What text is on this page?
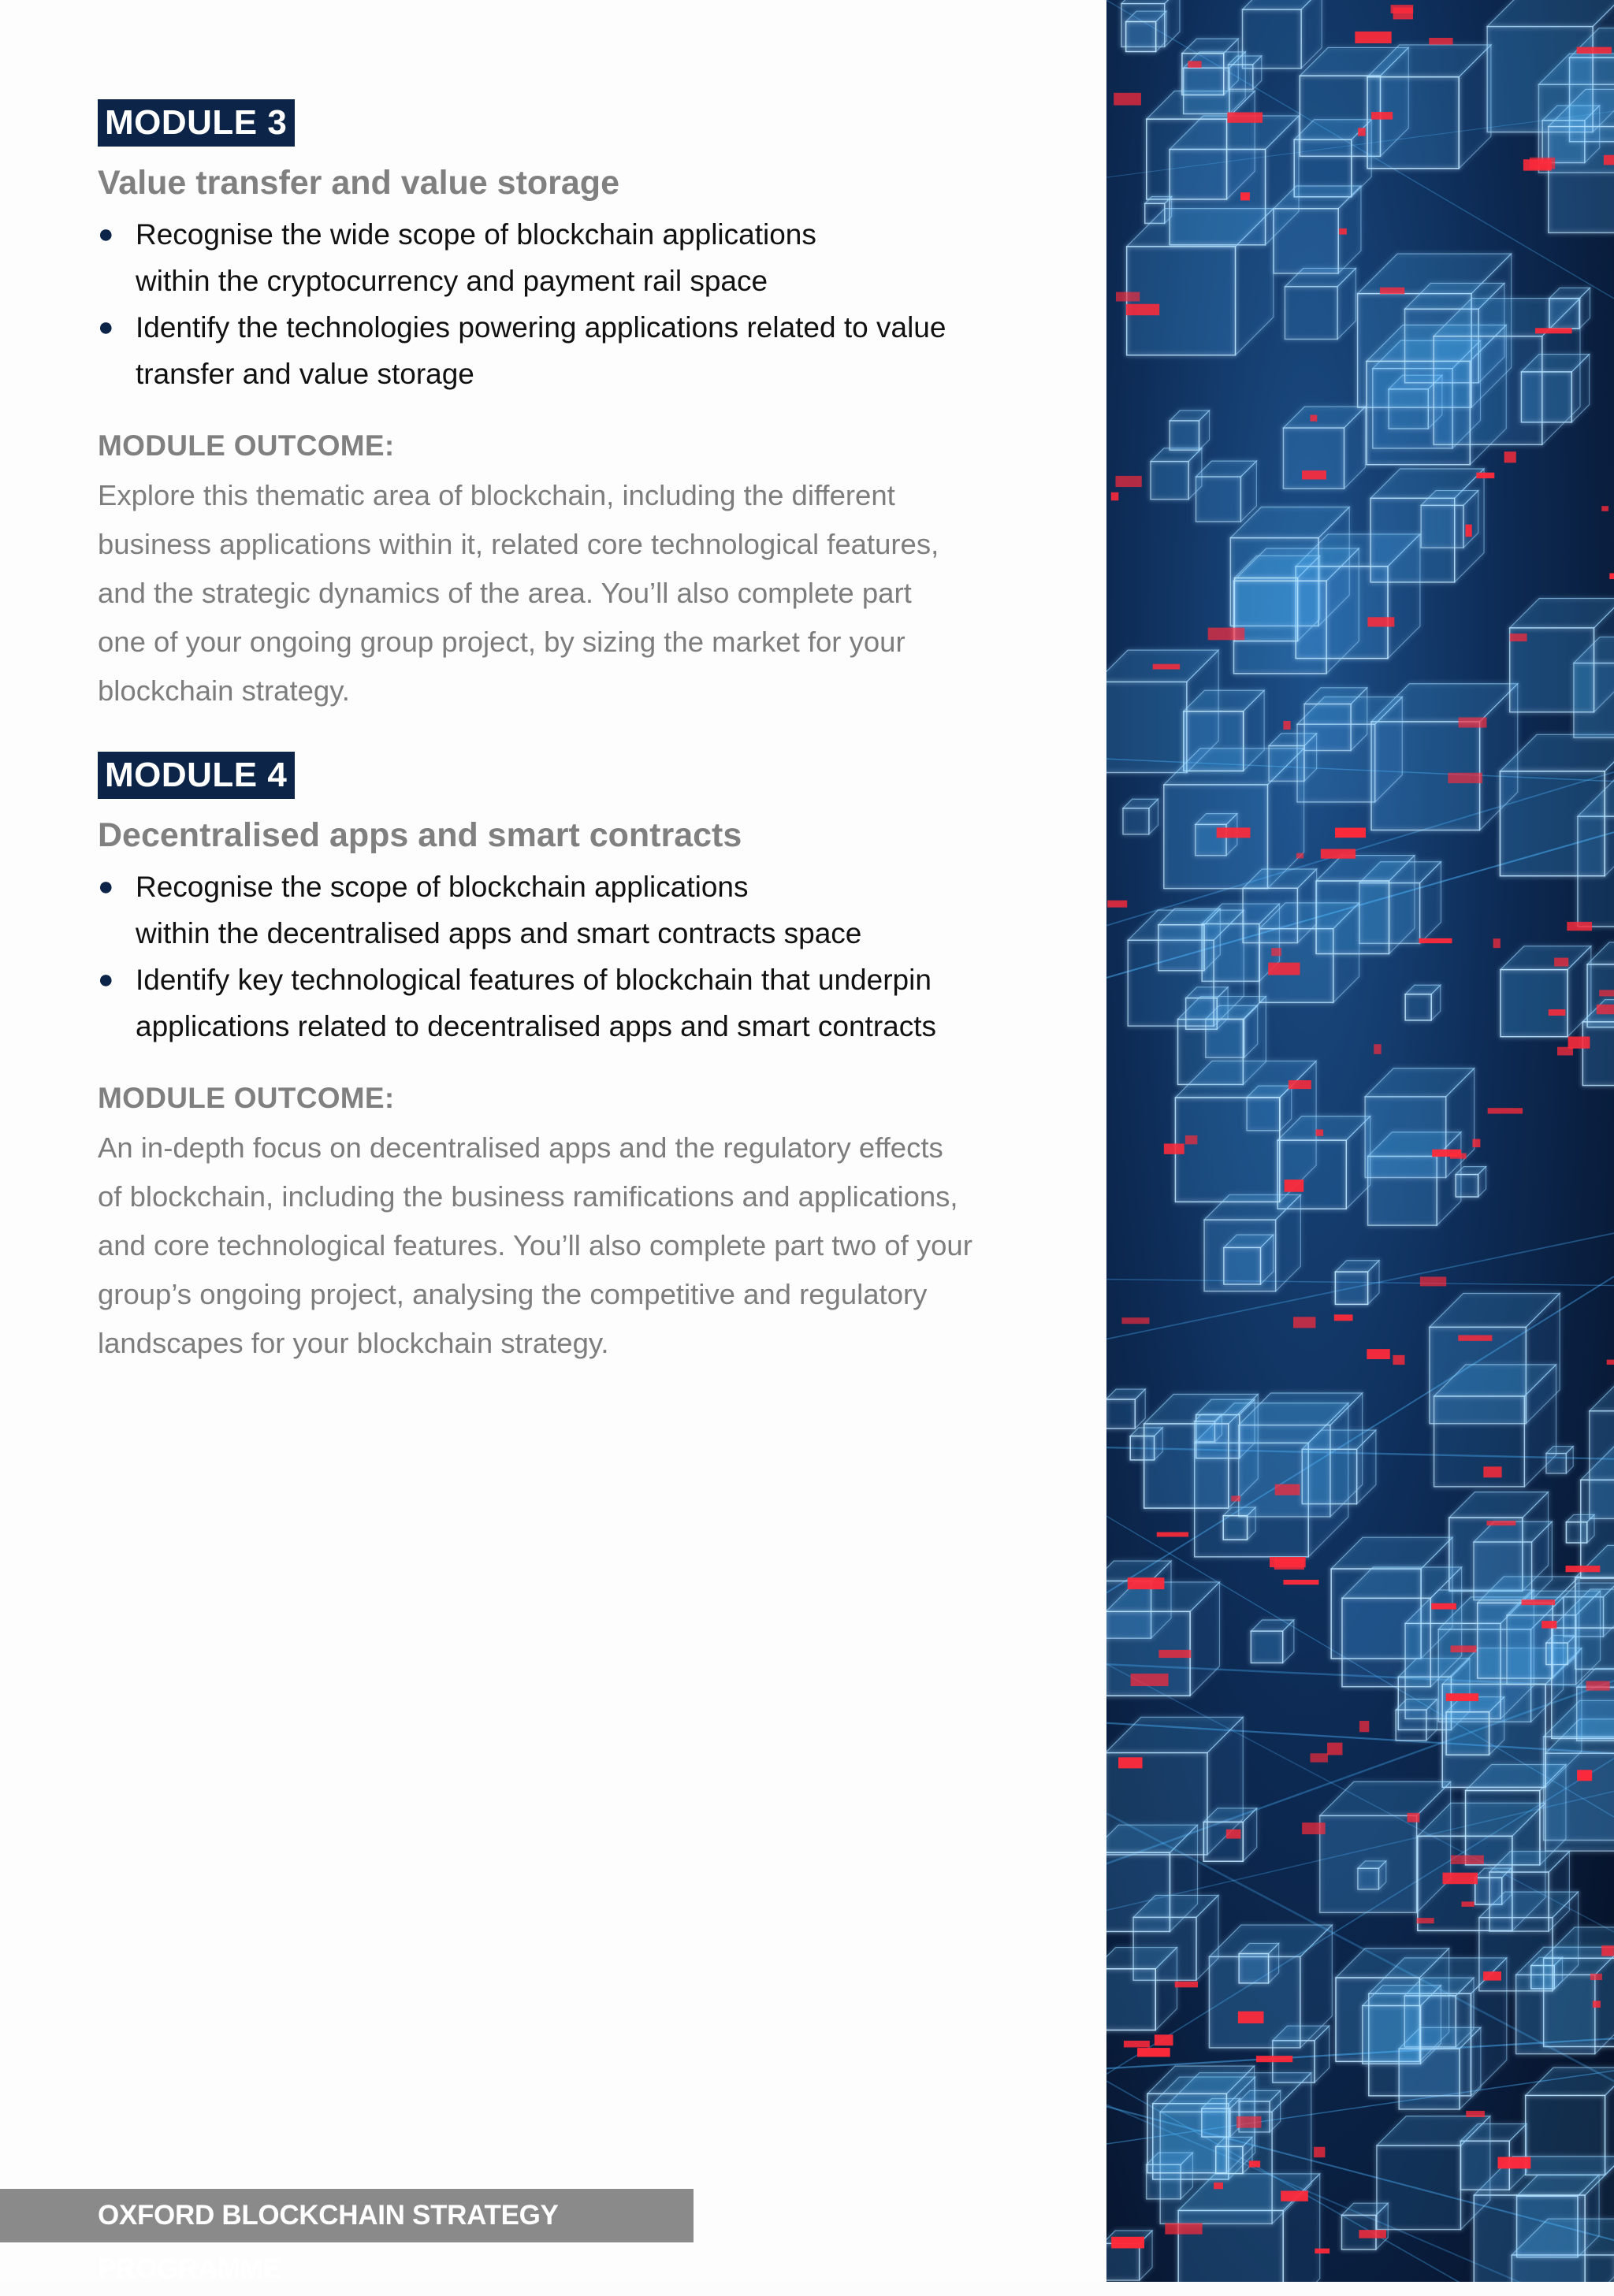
MODULE 3
Value transfer and value storage
● Recognise the wide scope of blockchain applications
within the cryptocurrency and payment rail space
● Identify the technologies powering applications related to value
transfer and value storage
MODULE OUTCOME:

Explore this thematic area of blockchain, including the different
business applications within it, related core technological features,
and the strategic dynamics of the area. You’ll also complete part
one of your ongoing group project, by sizing the market for your
blockchain strategy.

MODULE 4
Decentralised apps and smart contracts
● Recognise the scope of blockchain applications
within the decentralised apps and smart contracts space
● Identify key technological features of blockchain that underpin
applications related to decentralised apps and smart contracts
MODULE OUTCOME:

An in-depth focus on decentralised apps and the regulatory effects
of blockchain, including the business ramifications and applications,
and core technological features. You’ll also complete part two of your
group’s ongoing project, analysing the competitive and regulatory
landscapes for your blockchain strategy.

OXFORD BLOCKCHAIN STRATEGY PROGRAMME
